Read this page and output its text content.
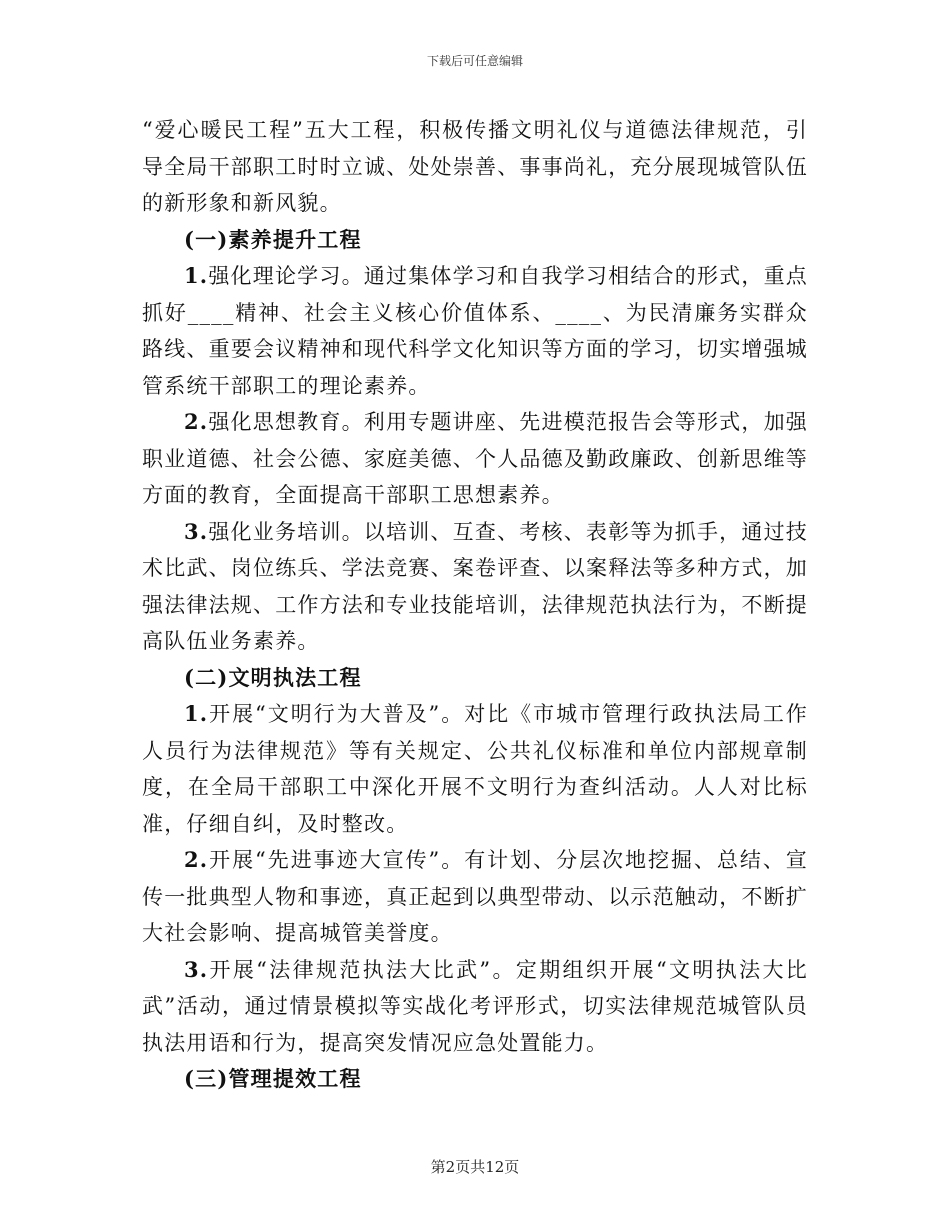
下载后可任意编辑

“爱心暖民工程”五大工程，积极传播文明礼仪与道德法律规范，引导全局干部职工时时立诚、处处崇善、事事尚礼，充分展现城管队伍的新形象和新风貌。

(一)素养提升工程

1.强化理论学习。通过集体学习和自我学习相结合的形式，重点抓好____精神、社会主义核心价值体系、____、为民清廉务实群众路线、重要会议精神和现代科学文化知识等方面的学习，切实增强城管系统干部职工的理论素养。

2.强化思想教育。利用专题讲座、先进模范报告会等形式，加强职业道德、社会公德、家庭美德、个人品德及勤政廉政、创新思维等方面的教育，全面提高干部职工思想素养。

3.强化业务培训。以培训、互查、考核、表彰等为抓手，通过技术比武、岗位练兵、学法竞赛、案卷评查、以案释法等多种方式，加强法律法规、工作方法和专业技能培训，法律规范执法行为，不断提高队伍业务素养。

(二)文明执法工程

1.开展“文明行为大普及”。对比《市城市管理行政执法局工作人员行为法律规范》等有关规定、公共礼仪标准和单位内部规章制度，在全局干部职工中深化开展不文明行为查纠活动。人人对比标准，仔细自纠，及时整改。

2.开展“先进事迹大宣传”。有计划、分层次地挖掘、总结、宣传一批典型人物和事迹，真正起到以典型带动、以示范触动，不断扩大社会影响、提高城管美誉度。

3.开展“法律规范执法大比武”。定期组织开展“文明执法大比武”活动，通过情景模拟等实战化考评形式，切实法律规范城管队员执法用语和行为，提高突发情况应急处置能力。

(三)管理提效工程

第2页共12页
